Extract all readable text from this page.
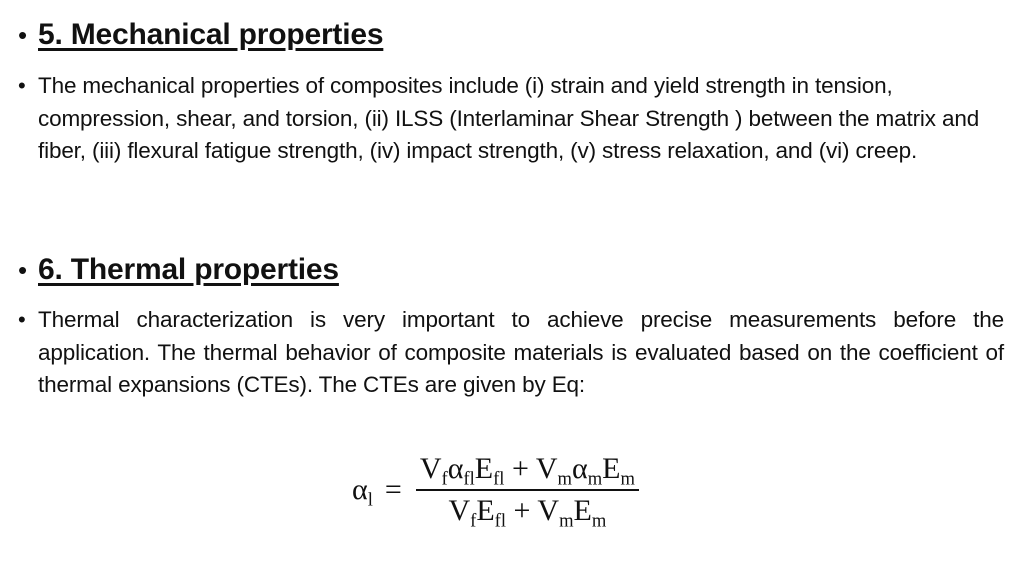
• 5. Mechanical properties
• The mechanical properties of composites include (i) strain and yield strength in tension, compression, shear, and torsion, (ii) ILSS (Interlaminar Shear Strength ) between the matrix and fiber, (iii) flexural fatigue strength, (iv) impact strength, (v) stress relaxation, and (vi) creep.
• 6. Thermal properties
• Thermal characterization is very important to achieve precise measurements before the application. The thermal behavior of composite materials is evaluated based on the coefficient of thermal expansions (CTEs). The CTEs are given by Eq:
$\alpha_l = \frac{V_f\alpha_{fl}E_{fl} + V_m\alpha_mE_m}{V_fE_{fl} + V_mE_m}$
